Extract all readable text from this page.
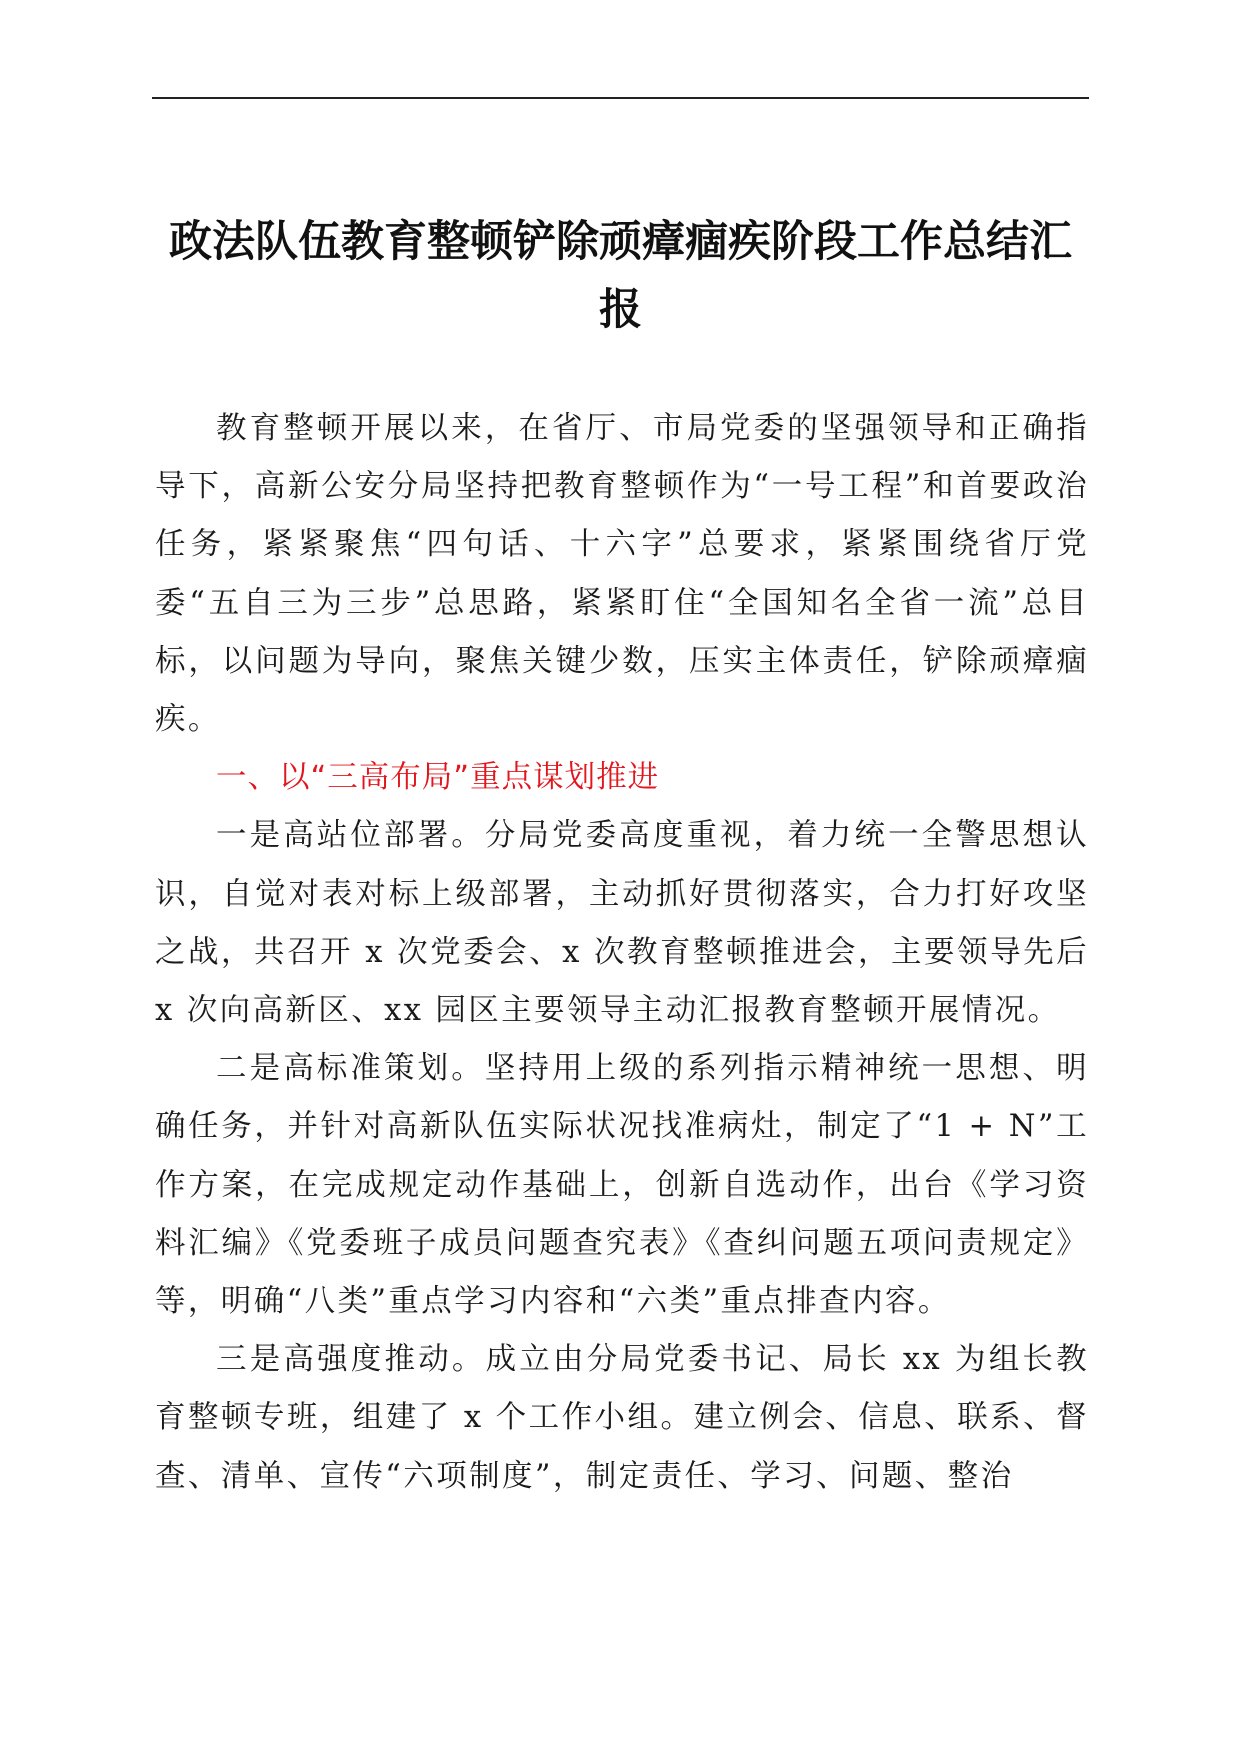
政法队伍教育整顿铲除顽瘴痼疾阶段工作总结汇报

教育整顿开展以来，在省厅、市局党委的坚强领导和正确指导下，高新公安分局坚持把教育整顿作为“一号工程”和首要政治任务，紧紧聚焦“四句话、十六字”总要求，紧紧围绕省厅党委“五自三为三步”总思路，紧紧盯住“全国知名全省一流”总目标，以问题为导向，聚焦关键少数，压实主体责任，铲除顽瘴痼疾。

一、以“三高布局”重点谋划推进

一是高站位部署。分局党委高度重视，着力统一全警思想认识，自觉对表对标上级部署，主动抓好贯彻落实，合力打好攻坚之战，共召开 x 次党委会、x 次教育整顿推进会，主要领导先后 x 次向高新区、xx 园区主要领导主动汇报教育整顿开展情况。

二是高标准策划。坚持用上级的系列指示精神统一思想、明确任务，并针对高新队伍实际状况找准病灶，制定了“1 + N”工作方案，在完成规定动作基础上，创新自选动作，出台《学习资料汇编》《党委班子成员问题查究表》《查纠问题五项问责规定》等，明确“八类”重点学习内容和“六类”重点排查内容。

三是高强度推动。成立由分局党委书记、局长 xx 为组长教育整顿专班，组建了 x 个工作小组。建立例会、信息、联系、督查、清单、宣传“六项制度”，制定责任、学习、问题、整治
